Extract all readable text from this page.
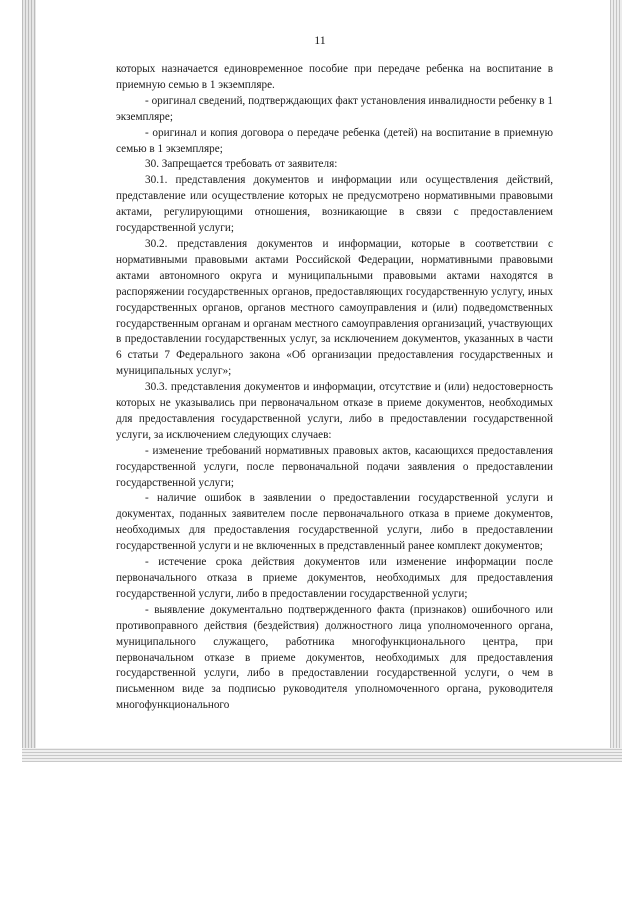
11

которых назначается единовременное пособие при передаче ребенка на воспитание в приемную семью в 1 экземпляре.

- оригинал сведений, подтверждающих факт установления инвалидности ребенку в 1 экземпляре;

- оригинал и копия договора о передаче ребенка (детей) на воспитание в приемную семью в 1 экземпляре;

30. Запрещается требовать от заявителя:

30.1. представления документов и информации или осуществления действий, представление или осуществление которых не предусмотрено нормативными правовыми актами, регулирующими отношения, возникающие в связи с предоставлением государственной услуги;

30.2. представления документов и информации, которые в соответствии с нормативными правовыми актами Российской Федерации, нормативными правовыми актами автономного округа и муниципальными правовыми актами находятся в распоряжении государственных органов, предоставляющих государственную услугу, иных государственных органов, органов местного самоуправления и (или) подведомственных государственным органам и органам местного самоуправления организаций, участвующих в предоставлении государственных услуг, за исключением документов, указанных в части 6 статьи 7 Федерального закона «Об организации предоставления государственных и муниципальных услуг»;

30.3. представления документов и информации, отсутствие и (или) недостоверность которых не указывались при первоначальном отказе в приеме документов, необходимых для предоставления государственной услуги, либо в предоставлении государственной услуги, за исключением следующих случаев:

- изменение требований нормативных правовых актов, касающихся предоставления государственной услуги, после первоначальной подачи заявления о предоставлении государственной услуги;

- наличие ошибок в заявлении о предоставлении государственной услуги и документах, поданных заявителем после первоначального отказа в приеме документов, необходимых для предоставления государственной услуги, либо в предоставлении государственной услуги и не включенных в представленный ранее комплект документов;

- истечение срока действия документов или изменение информации после первоначального отказа в приеме документов, необходимых для предоставления государственной услуги, либо в предоставлении государственной услуги;

- выявление документально подтвержденного факта (признаков) ошибочного или противоправного действия (бездействия) должностного лица уполномоченного органа, муниципального служащего, работника многофункционального центра, при первоначальном отказе в приеме документов, необходимых для предоставления государственной услуги, либо в предоставлении государственной услуги, о чем в письменном виде за подписью руководителя уполномоченного органа, руководителя многофункционального
